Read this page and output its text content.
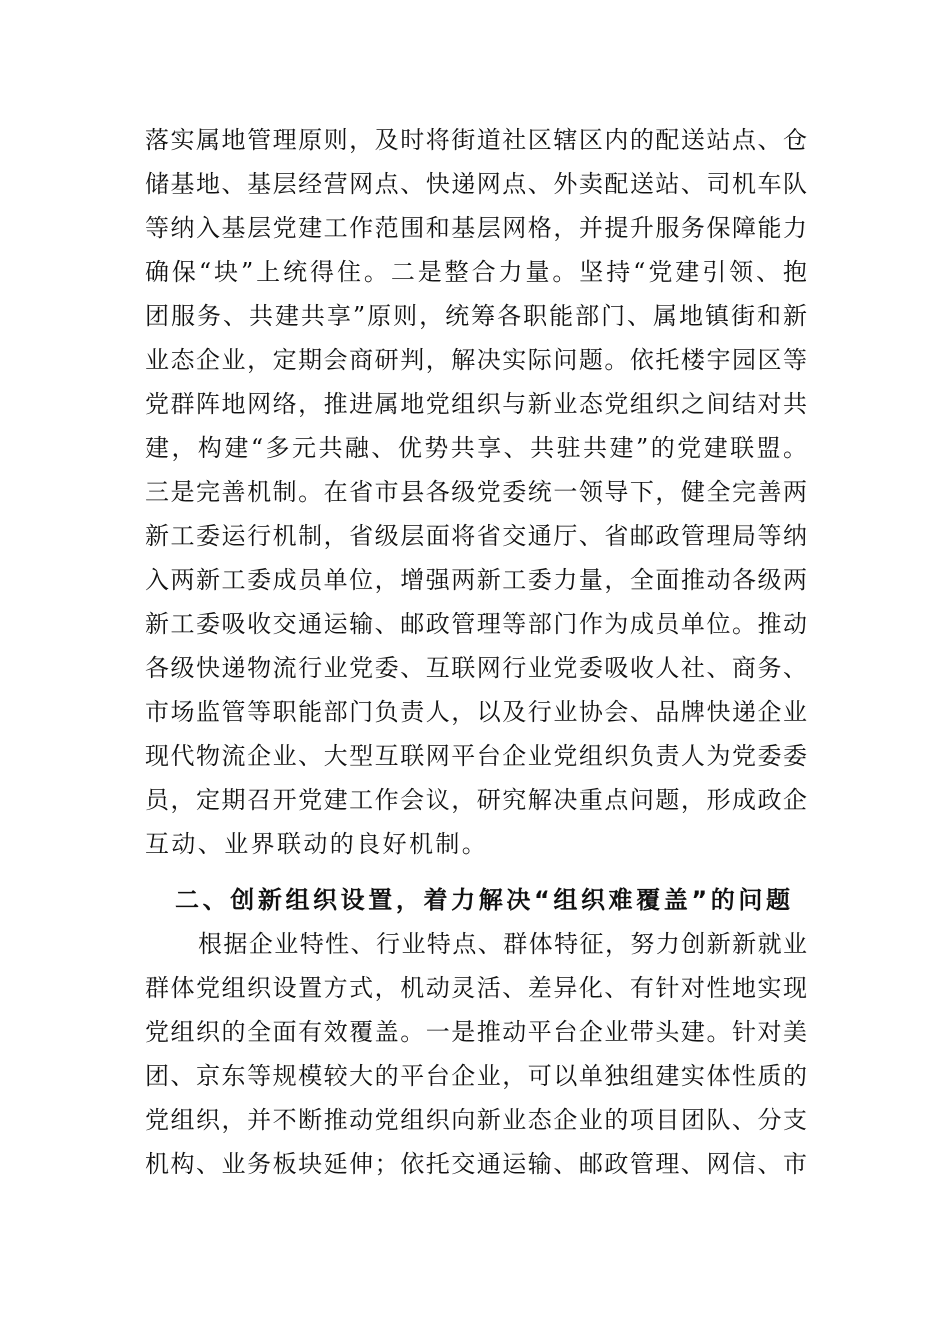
落实属地管理原则，及时将街道社区辖区内的配送站点、仓
储基地、基层经营网点、快递网点、外卖配送站、司机车队
等纳入基层党建工作范围和基层网格，并提升服务保障能力
确保“块”上统得住。二是整合力量。坚持“党建引领、抱
团服务、共建共享”原则，统筹各职能部门、属地镇街和新
业态企业，定期会商研判，解决实际问题。依托楼宇园区等
党群阵地网络，推进属地党组织与新业态党组织之间结对共
建，构建“多元共融、优势共享、共驻共建”的党建联盟。
三是完善机制。在省市县各级党委统一领导下，健全完善两
新工委运行机制，省级层面将省交通厅、省邮政管理局等纳
入两新工委成员单位，增强两新工委力量，全面推动各级两
新工委吸收交通运输、邮政管理等部门作为成员单位。推动
各级快递物流行业党委、互联网行业党委吸收人社、商务、
市场监管等职能部门负责人，以及行业协会、品牌快递企业
现代物流企业、大型互联网平台企业党组织负责人为党委委
员，定期召开党建工作会议，研究解决重点问题，形成政企
互动、业界联动的良好机制。
二、创新组织设置，着力解决“组织难覆盖”的问题
根据企业特性、行业特点、群体特征，努力创新新就业
群体党组织设置方式，机动灵活、差异化、有针对性地实现
党组织的全面有效覆盖。一是推动平台企业带头建。针对美
团、京东等规模较大的平台企业，可以单独组建实体性质的
党组织，并不断推动党组织向新业态企业的项目团队、分支
机构、业务板块延伸；依托交通运输、邮政管理、网信、市
